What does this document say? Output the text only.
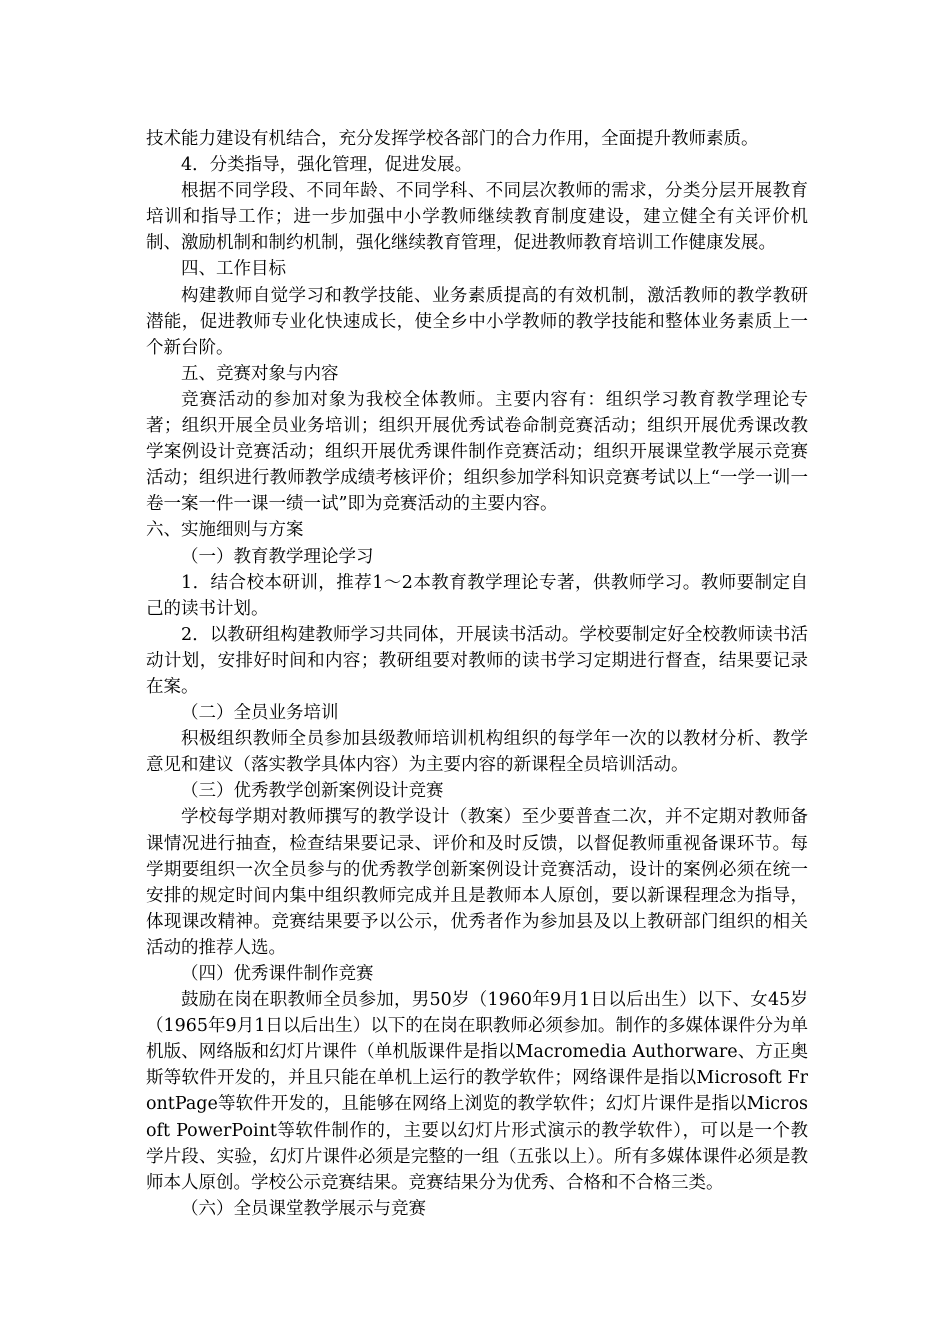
技术能力建设有机结合，充分发挥学校各部门的合力作用，全面提升教师素质。

4．分类指导，强化管理，促进发展。

根据不同学段、不同年龄、不同学科、不同层次教师的需求，分类分层开展教育培训和指导工作；进一步加强中小学教师继续教育制度建设，建立健全有关评价机制、激励机制和制约机制，强化继续教育管理，促进教师教育培训工作健康发展。

四、工作目标

构建教师自觉学习和教学技能、业务素质提高的有效机制，激活教师的教学教研潜能，促进教师专业化快速成长，使全乡中小学教师的教学技能和整体业务素质上一个新台阶。

五、竞赛对象与内容

竞赛活动的参加对象为我校全体教师。主要内容有：组织学习教育教学理论专著；组织开展全员业务培训；组织开展优秀试卷命制竞赛活动；组织开展优秀课改教学案例设计竞赛活动；组织开展优秀课件制作竞赛活动；组织开展课堂教学展示竞赛活动；组织进行教师教学成绩考核评价；组织参加学科知识竞赛考试以上“一学一训一卷一案一件一课一绩一试”即为竞赛活动的主要内容。

六、实施细则与方案

（一）教育教学理论学习

1．结合校本研训，推荐1～2本教育教学理论专著，供教师学习。教师要制定自己的读书计划。

2．以教研组构建教师学习共同体，开展读书活动。学校要制定好全校教师读书活动计划，安排好时间和内容；教研组要对教师的读书学习定期进行督查，结果要记录在案。

（二）全员业务培训

积极组织教师全员参加县级教师培训机构组织的每学年一次的以教材分析、教学意见和建议（落实教学具体内容）为主要内容的新课程全员培训活动。

（三）优秀教学创新案例设计竞赛

学校每学期对教师撰写的教学设计（教案）至少要普查二次，并不定期对教师备课情况进行抽查，检查结果要记录、评价和及时反馈，以督促教师重视备课环节。每学期要组织一次全员参与的优秀教学创新案例设计竞赛活动，设计的案例必须在统一安排的规定时间内集中组织教师完成并且是教师本人原创，要以新课程理念为指导，体现课改精神。竞赛结果要予以公示，优秀者作为参加县及以上教研部门组织的相关活动的推荐人选。

（四）优秀课件制作竞赛

鼓励在岗在职教师全员参加，男50岁（1960年9月1日以后出生）以下、女45岁（1965年9月1日以后出生）以下的在岗在职教师必须参加。制作的多媒体课件分为单机版、网络版和幻灯片课件（单机版课件是指以Macromedia Authorware、方正奥斯等软件开发的，并且只能在单机上运行的教学软件；网络课件是指以Microsoft FrontPage等软件开发的，且能够在网络上浏览的教学软件；幻灯片课件是指以Microsoft PowerPoint等软件制作的，主要以幻灯片形式演示的教学软件），可以是一个教学片段、实验，幻灯片课件必须是完整的一组（五张以上）。所有多媒体课件必须是教师本人原创。学校公示竞赛结果。竞赛结果分为优秀、合格和不合格三类。

（六）全员课堂教学展示与竞赛
